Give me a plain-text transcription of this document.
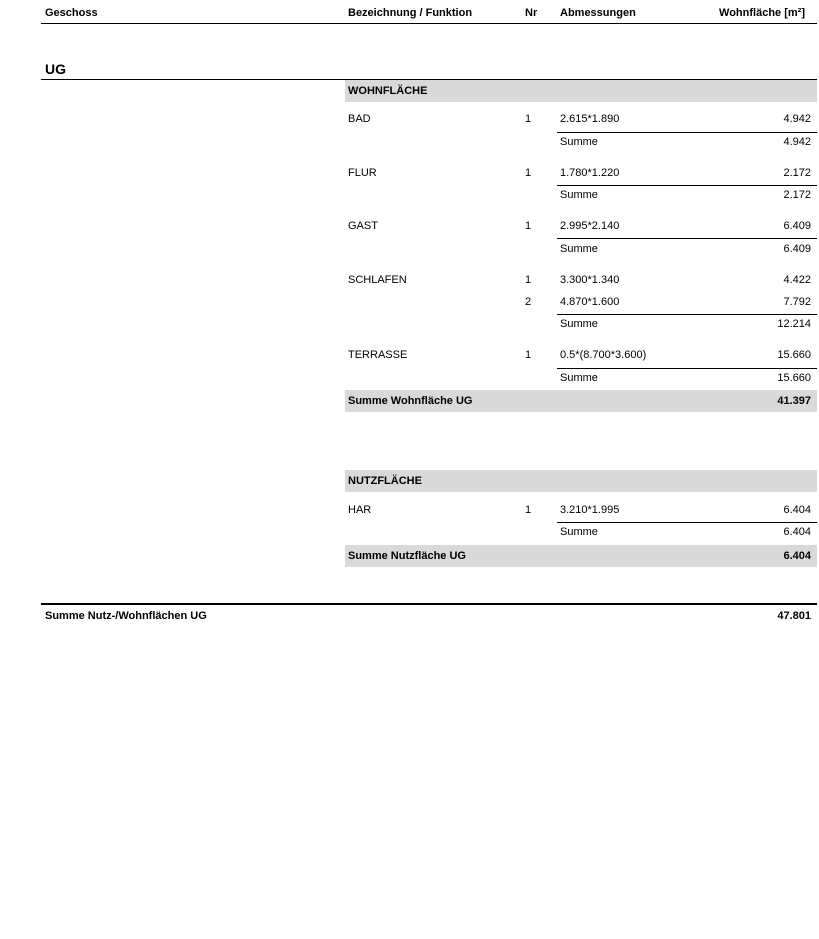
Geschoss	Bezeichnung / Funktion	Nr Abmessungen	Wohnfläche [m²]
UG
WOHNFLÄCHE
BAD	1	2.615*1.890	4.942
Summe	4.942
FLUR	1	1.780*1.220	2.172
Summe	2.172
GAST	1	2.995*2.140	6.409
Summe	6.409
SCHLAFEN	1	3.300*1.340	4.422
2	4.870*1.600	7.792
Summe	12.214
TERRASSE	1	0.5*(8.700*3.600)	15.660
Summe	15.660
Summe Wohnfläche UG	41.397
NUTZFLÄCHE
HAR	1	3.210*1.995	6.404
Summe	6.404
Summe Nutzfläche UG	6.404
Summe Nutz-/Wohnflächen UG	47.801
